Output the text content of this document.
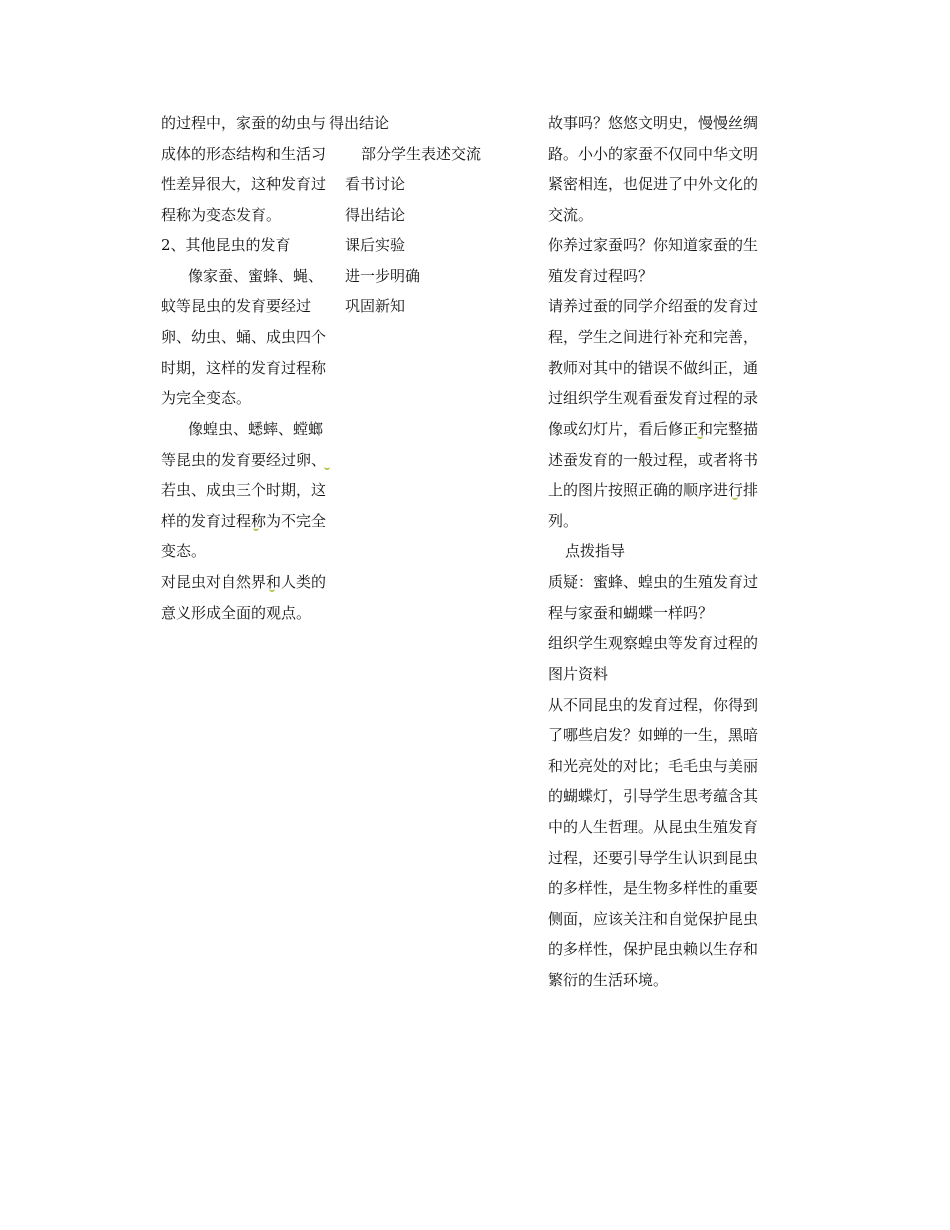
的过程中，家蚕的幼虫与
成体的形态结构和生活习
性差异很大，这种发育过
程称为变态发育。
2、其他昆虫的发育
像家蚕、蜜蜂、蝇、
蚊等昆虫的发育要经过
得出结论
部分学生表述交流
看书讨论
得出结论
课后实验
进一步明确
巩固新知
卵、幼虫、蛹、成虫四个
时期，这样的发育过程称
为完全变态。
像蝗虫、蟋蟀、螳螂
等昆虫的发育要经过卵、
若虫、成虫三个时期，这
样的发育过程称为不完全
变态。
对昆虫对自然界和人类的
意义形成全面的观点。
故事吗？悠悠文明史，慢慢丝绸
路。小小的家蚕不仅同中华文明
紧密相连，也促进了中外文化的
交流。
你养过家蚕吗？你知道家蚕的生
殖发育过程吗？
请养过蚕的同学介绍蚕的发育过
程，学生之间进行补充和完善，
教师对其中的错误不做纠正，通
过组织学生观看蚕发育过程的录
像或幻灯片，看后修正和完整描
述蚕发育的一般过程，或者将书
上的图片按照正确的顺序进行排
列。
点拨指导
质疑：蜜蜂、蝗虫的生殖发育过
程与家蚕和蝴蝶一样吗？
组织学生观察蝗虫等发育过程的
图片资料
从不同昆虫的发育过程，你得到
了哪些启发？如蝉的一生，黑暗
和光亮处的对比；毛毛虫与美丽
的蝴蝶灯，引导学生思考蕴含其
中的人生哲理。从昆虫生殖发育
过程，还要引导学生认识到昆虫
的多样性，是生物多样性的重要
侧面，应该关注和自觉保护昆虫
的多样性，保护昆虫赖以生存和
繁衍的生活环境。
